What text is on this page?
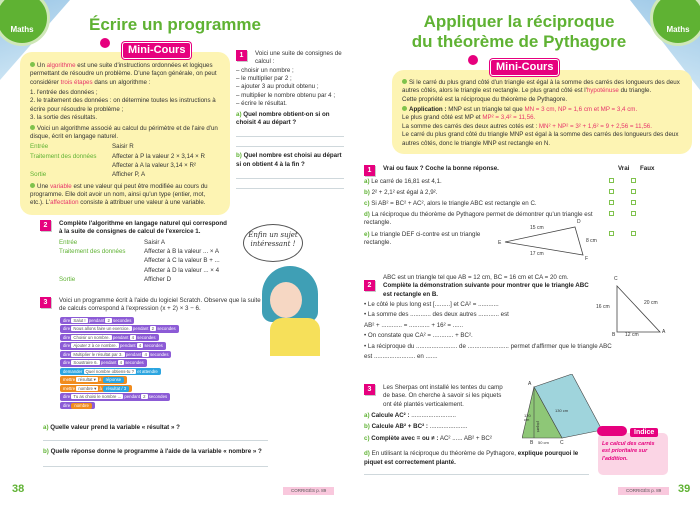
Maths	Écrire un programme
Mini-Cours

Un algorithme est une suite d'instructions ordonnées et logiques permettant de résoudre un problème. D'une façon générale, on peut considérer trois étapes dans un algorithme :

1. l'entrée des données ;
2. le traitement des données : on détermine toutes les instructions à écrire pour résoudre le problème ;
3. la sortie des résultats.

Voici un algorithme associé au calcul du périmètre et de l'aire d'un disque, écrit en langage naturel.

Entrée	Saisir R
Traitement des données	Affecter à P la valeur 2 × 3,14 × R
Affecter à A la valeur 3,14 × R²
Sortie	Afficher P, A

Une variable est une valeur qui peut être modifiée au cours du programme. Elle doit avoir un nom, ainsi qu'un type (entier, mot, etc.). L'affectation consiste à attribuer une valeur à une variable.

1	Voici une suite de consignes de calcul :
– choisir un nombre ;
– le multiplier par 2 ;
– ajouter 3 au produit obtenu ;
– multiplier le nombre obtenu par 4 ;
– écrire le résultat.
a) Quel nombre obtient-on si on choisit 4 au départ ?
b) Quel nombre est choisi au départ si on obtient 4 à la fin ?
2	Complète l'algorithme en langage naturel qui correspond à la suite de consignes de calcul de l'exercice 1.
Entrée	Saisir A
Traitement des données	Affecter à B la valeur ... × A
Affecter à C la valeur B + ...
Affecter à D la valeur ... × 4
Sortie	Afficher D
Enfin un sujet intéressant !
3	Voici un programme écrit à l'aide du logiciel Scratch. Observe que la suite de calculs correspond à l'expression (x + 2) × 3 − 6.
dire Salut ! pendant 2 secondes
dire Nous allons faire un exercice. pendant 2 secondes
dire Choisir un nombre. pendant 4 secondes
dire Ajouter 2 à ce nombre. pendant 4 secondes
dire Multiplier le résultat par 3. pendant 4 secondes
dire Soustraire 6. pendant 4 secondes
demander Quel nombre obtiens-tu ? et attendre
mettre résultat ▾ à réponse
mettre nombre ▾ à résultat / 3
dire Tu as choisi le nombre ... pendant 2 secondes
dire nombre
a) Quelle valeur prend la variable « résultat » ?
b) Quelle réponse donne le programme à l'aide de la variable « nombre » ?
38	CORRIGÉS p. 89
Maths
Appliquer la réciproque
du théorème de Pythagore
Mini-Cours

Si le carré du plus grand côté d'un triangle est égal à la somme des carrés des longueurs des deux autres côtés, alors le triangle est rectangle. Le plus grand côté est l'hypoténuse du triangle.
Cette propriété est la réciproque du théorème de Pythagore.

Application : MNP est un triangle tel que MN = 3 cm, NP = 1,6 cm et MP = 3,4 cm.
Le plus grand côté est MP et MP² = 3,4² = 11,56.
La somme des carrés des deux autres cotés est : MN² + NP² = 3² + 1,6² = 9 + 2,56 = 11,56.
Le carré du plus grand côté du triangle MNP est égal à la somme des carrés des longueurs des deux autres côtés, donc le triangle MNP est rectangle en N.

1	Vrai ou faux ? Coche la bonne réponse.	Vrai	Faux
a) Le carré de 16,81 est 4,1.
b) 2² + 2,1² est égal à 2,9².
c) Si AB² = BC² + AC², alors le triangle ABC est rectangle en C.
d) La réciproque du théorème de Pythagore permet de démontrer qu'un triangle est rectangle.
e) Le triangle DEF ci-contre est un triangle rectangle.
D
E
F
15 cm
8 cm
17 cm
2
ABC est un triangle tel que AB = 12 cm, BC = 16 cm et CA = 20 cm.
Complète la démonstration suivante pour montrer que le triangle ABC est rectangle en B.
• Le côté le plus long est [.........] et CA² = ............
• La somme des ............ des deux autres ............ est
AB² + ............ = ............ + 16² = ......
• On constate que CA² = ............ + BC².
• La réciproque du ........................ de ........................ permet d'affirmer que le triangle ABC
est ........................ en .......
C
B	A
16 cm
20 cm
12 cm
3	Les Sherpas ont installé les tentes du camp de base. On cherche à savoir si les piquets ont été plantés verticalement.
a) Calcule AC² : ..........................
b) Calcule AB² + BC² : ......................
c) Complète avec = ou ≠ : AC² ...... AB² + BC²
d) En utilisant la réciproque du théorème de Pythagore, explique pourquoi le piquet est correctement planté.
A
B	C
50 cm
120 cm
130 cm
piquet
Indice
Le calcul des carrés est prioritaire sur l'addition.
CORRIGÉS p. 89	39
